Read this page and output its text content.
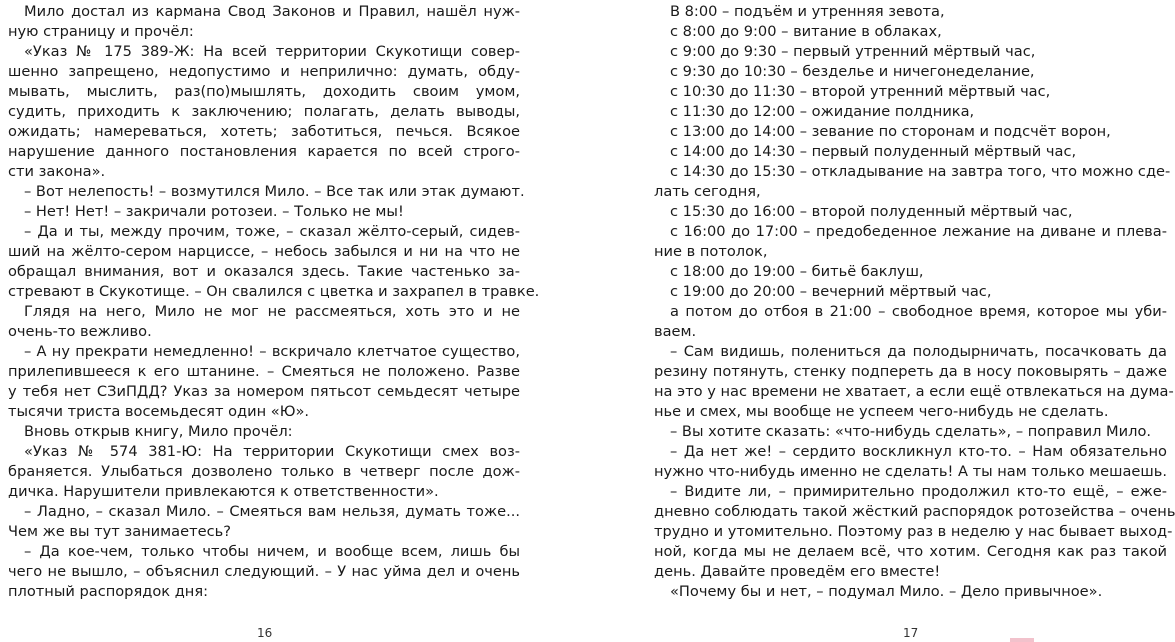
Мило достал из кармана Свод Законов и Правил, нашёл нуж-
ную страницу и прочёл:
«Указ № 175 389-Ж: На всей территории Скукотищи совер-
шенно запрещено, недопустимо и неприлично: думать, обду-
мывать, мыслить, раз(по)мышлять, доходить своим умом,
судить, приходить к заключению; полагать, делать выводы,
ожидать; намереваться, хотеть; заботиться, печься. Всякое
нарушение данного постановления карается по всей строго-
сти закона».
– Вот нелепость! – возмутился Мило. – Все так или этак думают.
– Нет! Нет! – закричали ротозеи. – Только не мы!
– Да и ты, между прочим, тоже, – сказал жёлто-серый, сидев-
ший на жёлто-сером нарциссе, – небось забылся и ни на что не
обращал внимания, вот и оказался здесь. Такие частенько за-
стревают в Скукотище. – Он свалился с цветка и захрапел в травке.
Глядя на него, Мило не мог не рассмеяться, хоть это и не
очень-то вежливо.
– А ну прекрати немедленно! – вскричало клетчатое существо,
прилепившееся к его штанине. – Смеяться не положено. Разве
у тебя нет СЗиПДД? Указ за номером пятьсот семьдесят четыре
тысячи триста восемьдесят один «Ю».
Вновь открыв книгу, Мило прочёл:
«Указ № 574 381-Ю: На территории Скукотищи смех воз-
браняется. Улыбаться дозволено только в четверг после дож-
дичка. Нарушители привлекаются к ответственности».
– Ладно, – сказал Мило. – Смеяться вам нельзя, думать тоже...
Чем же вы тут занимаетесь?
– Да кое-чем, только чтобы ничем, и вообще всем, лишь бы
чего не вышло, – объяснил следующий. – У нас уйма дел и очень
плотный распорядок дня:
В 8:00 – подъём и утренняя зевота,
с 8:00 до 9:00 – витание в облаках,
с 9:00 до 9:30 – первый утренний мёртвый час,
с 9:30 до 10:30 – безделье и ничегонеделание,
с 10:30 до 11:30 – второй утренний мёртвый час,
с 11:30 до 12:00 – ожидание полдника,
с 13:00 до 14:00 – зевание по сторонам и подсчёт ворон,
с 14:00 до 14:30 – первый полуденный мёртвый час,
с 14:30 до 15:30 – откладывание на завтра того, что можно сде-
лать сегодня,
с 15:30 до 16:00 – второй полуденный мёртвый час,
с 16:00 до 17:00 – предобеденное лежание на диване и плева-
ние в потолок,
с 18:00 до 19:00 – битьё баклуш,
с 19:00 до 20:00 – вечерний мёртвый час,
а потом до отбоя в 21:00 – свободное время, которое мы уби-
ваем.
– Сам видишь, полениться да полодырничать, посачковать да
резину потянуть, стенку подпереть да в носу поковырять – даже
на это у нас времени не хватает, а если ещё отвлекаться на дума-
нье и смех, мы вообще не успеем чего-нибудь не сделать.
– Вы хотите сказать: «что-нибудь сделать», – поправил Мило.
– Да нет же! – сердито воскликнул кто-то. – Нам обязательно
нужно что-нибудь именно не сделать! А ты нам только мешаешь.
– Видите ли, – примирительно продолжил кто-то ещё, – еже-
дневно соблюдать такой жёсткий распорядок ротозейства – очень
трудно и утомительно. Поэтому раз в неделю у нас бывает выход-
ной, когда мы не делаем всё, что хотим. Сегодня как раз такой
день. Давайте проведём его вместе!
«Почему бы и нет, – подумал Мило. – Дело привычное».
16	17
